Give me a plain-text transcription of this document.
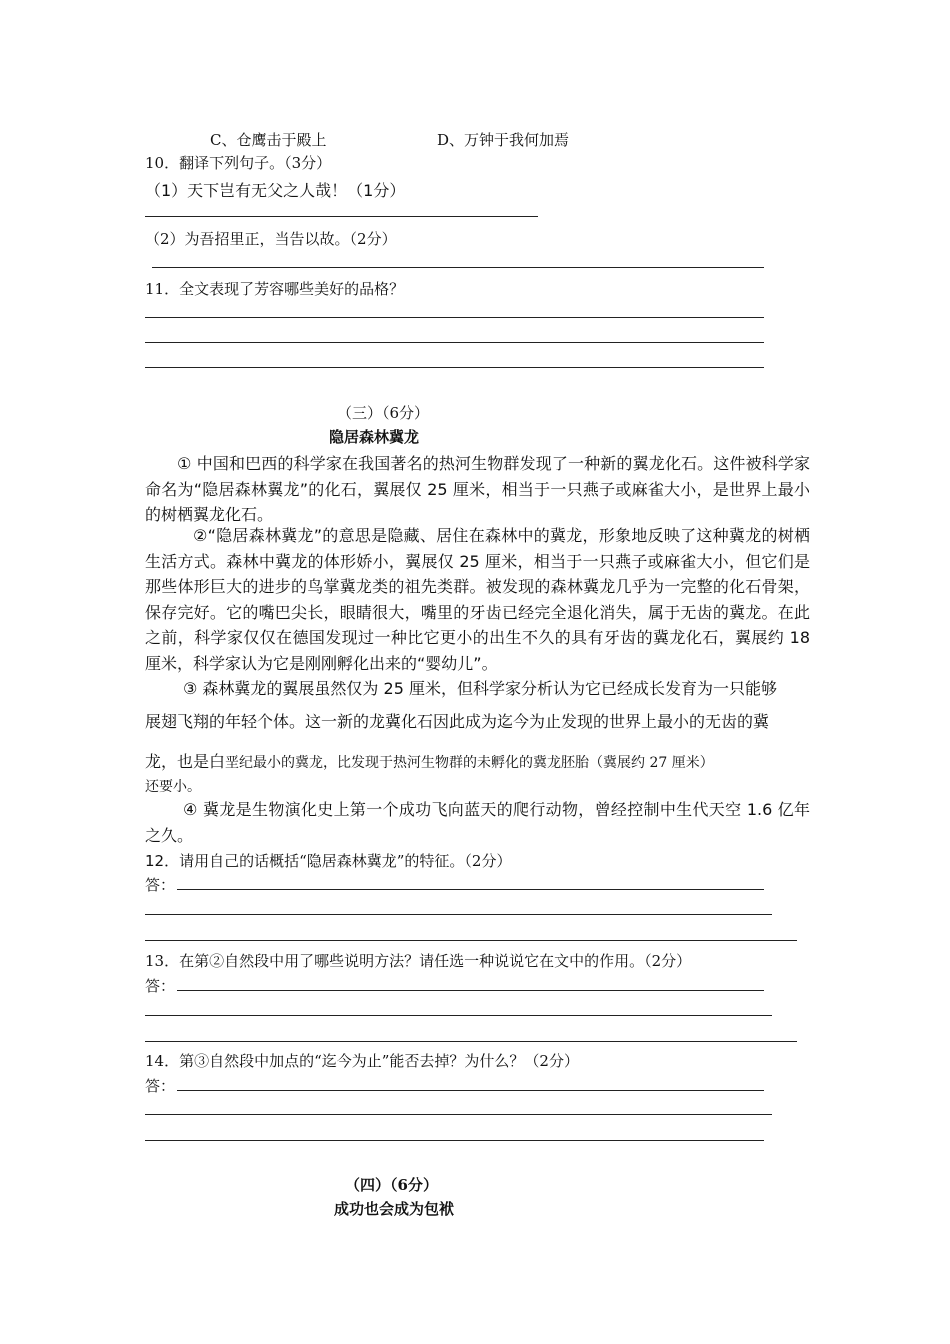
C、仓鹰击于殿上	D、万钟于我何加焉
10．翻译下列句子。（3分）
（1）天下岂有无父之人哉！（1分）
（2）为吾招里正，当告以故。（2分）
11．全文表现了芳容哪些美好的品格？
（三）（6分）
隐居森林冀龙
① 中国和巴西的科学家在我国著名的热河生物群发现了一种新的翼龙化石。这件被科学家命名为“隐居森林翼龙”的化石，翼展仅 25 厘米，相当于一只燕子或麻雀大小，是世界上最小的树栖翼龙化石。
②“隐居森林冀龙”的意思是隐藏、居住在森林中的冀龙，形象地反映了这种冀龙的树栖生活方式。森林中冀龙的体形娇小，翼展仅 25 厘米，相当于一只燕子或麻雀大小，但它们是那些体形巨大的进步的鸟掌冀龙类的祖先类群。被发现的森林冀龙几乎为一完整的化石骨架，保存完好。它的嘴巴尖长，眼睛很大，嘴里的牙齿已经完全退化消失，属于无齿的冀龙。在此之前，科学家仅仅在德国发现过一种比它更小的出生不久的具有牙齿的冀龙化石，翼展约 18 厘米，科学家认为它是刚刚孵化出来的“婴幼儿”。
③ 森林冀龙的翼展虽然仅为 25 厘米，但科学家分析认为它已经成长发育为一只能够
展翅飞翔的年轻个体。这一新的龙冀化石因此成为迄今为止发现的世界上最小的无齿的冀
龙，也是白垩纪最小的冀龙，比发现于热河生物群的未孵化的冀龙胚胎（冀展约 27 厘米）
还要小。
④ 冀龙是生物演化史上第一个成功飞向蓝天的爬行动物，曾经控制中生代天空 1.6 亿年之久。
12．请用自己的话概括“隐居森林冀龙”的特征。（2分）
答：
13．在第②自然段中用了哪些说明方法？请任选一种说说它在文中的作用。（2分）
答：
14．第③自然段中加点的“迄今为止”能否去掉？为什么？（2分）
答：
（四）（6分）
成功也会成为包袱
